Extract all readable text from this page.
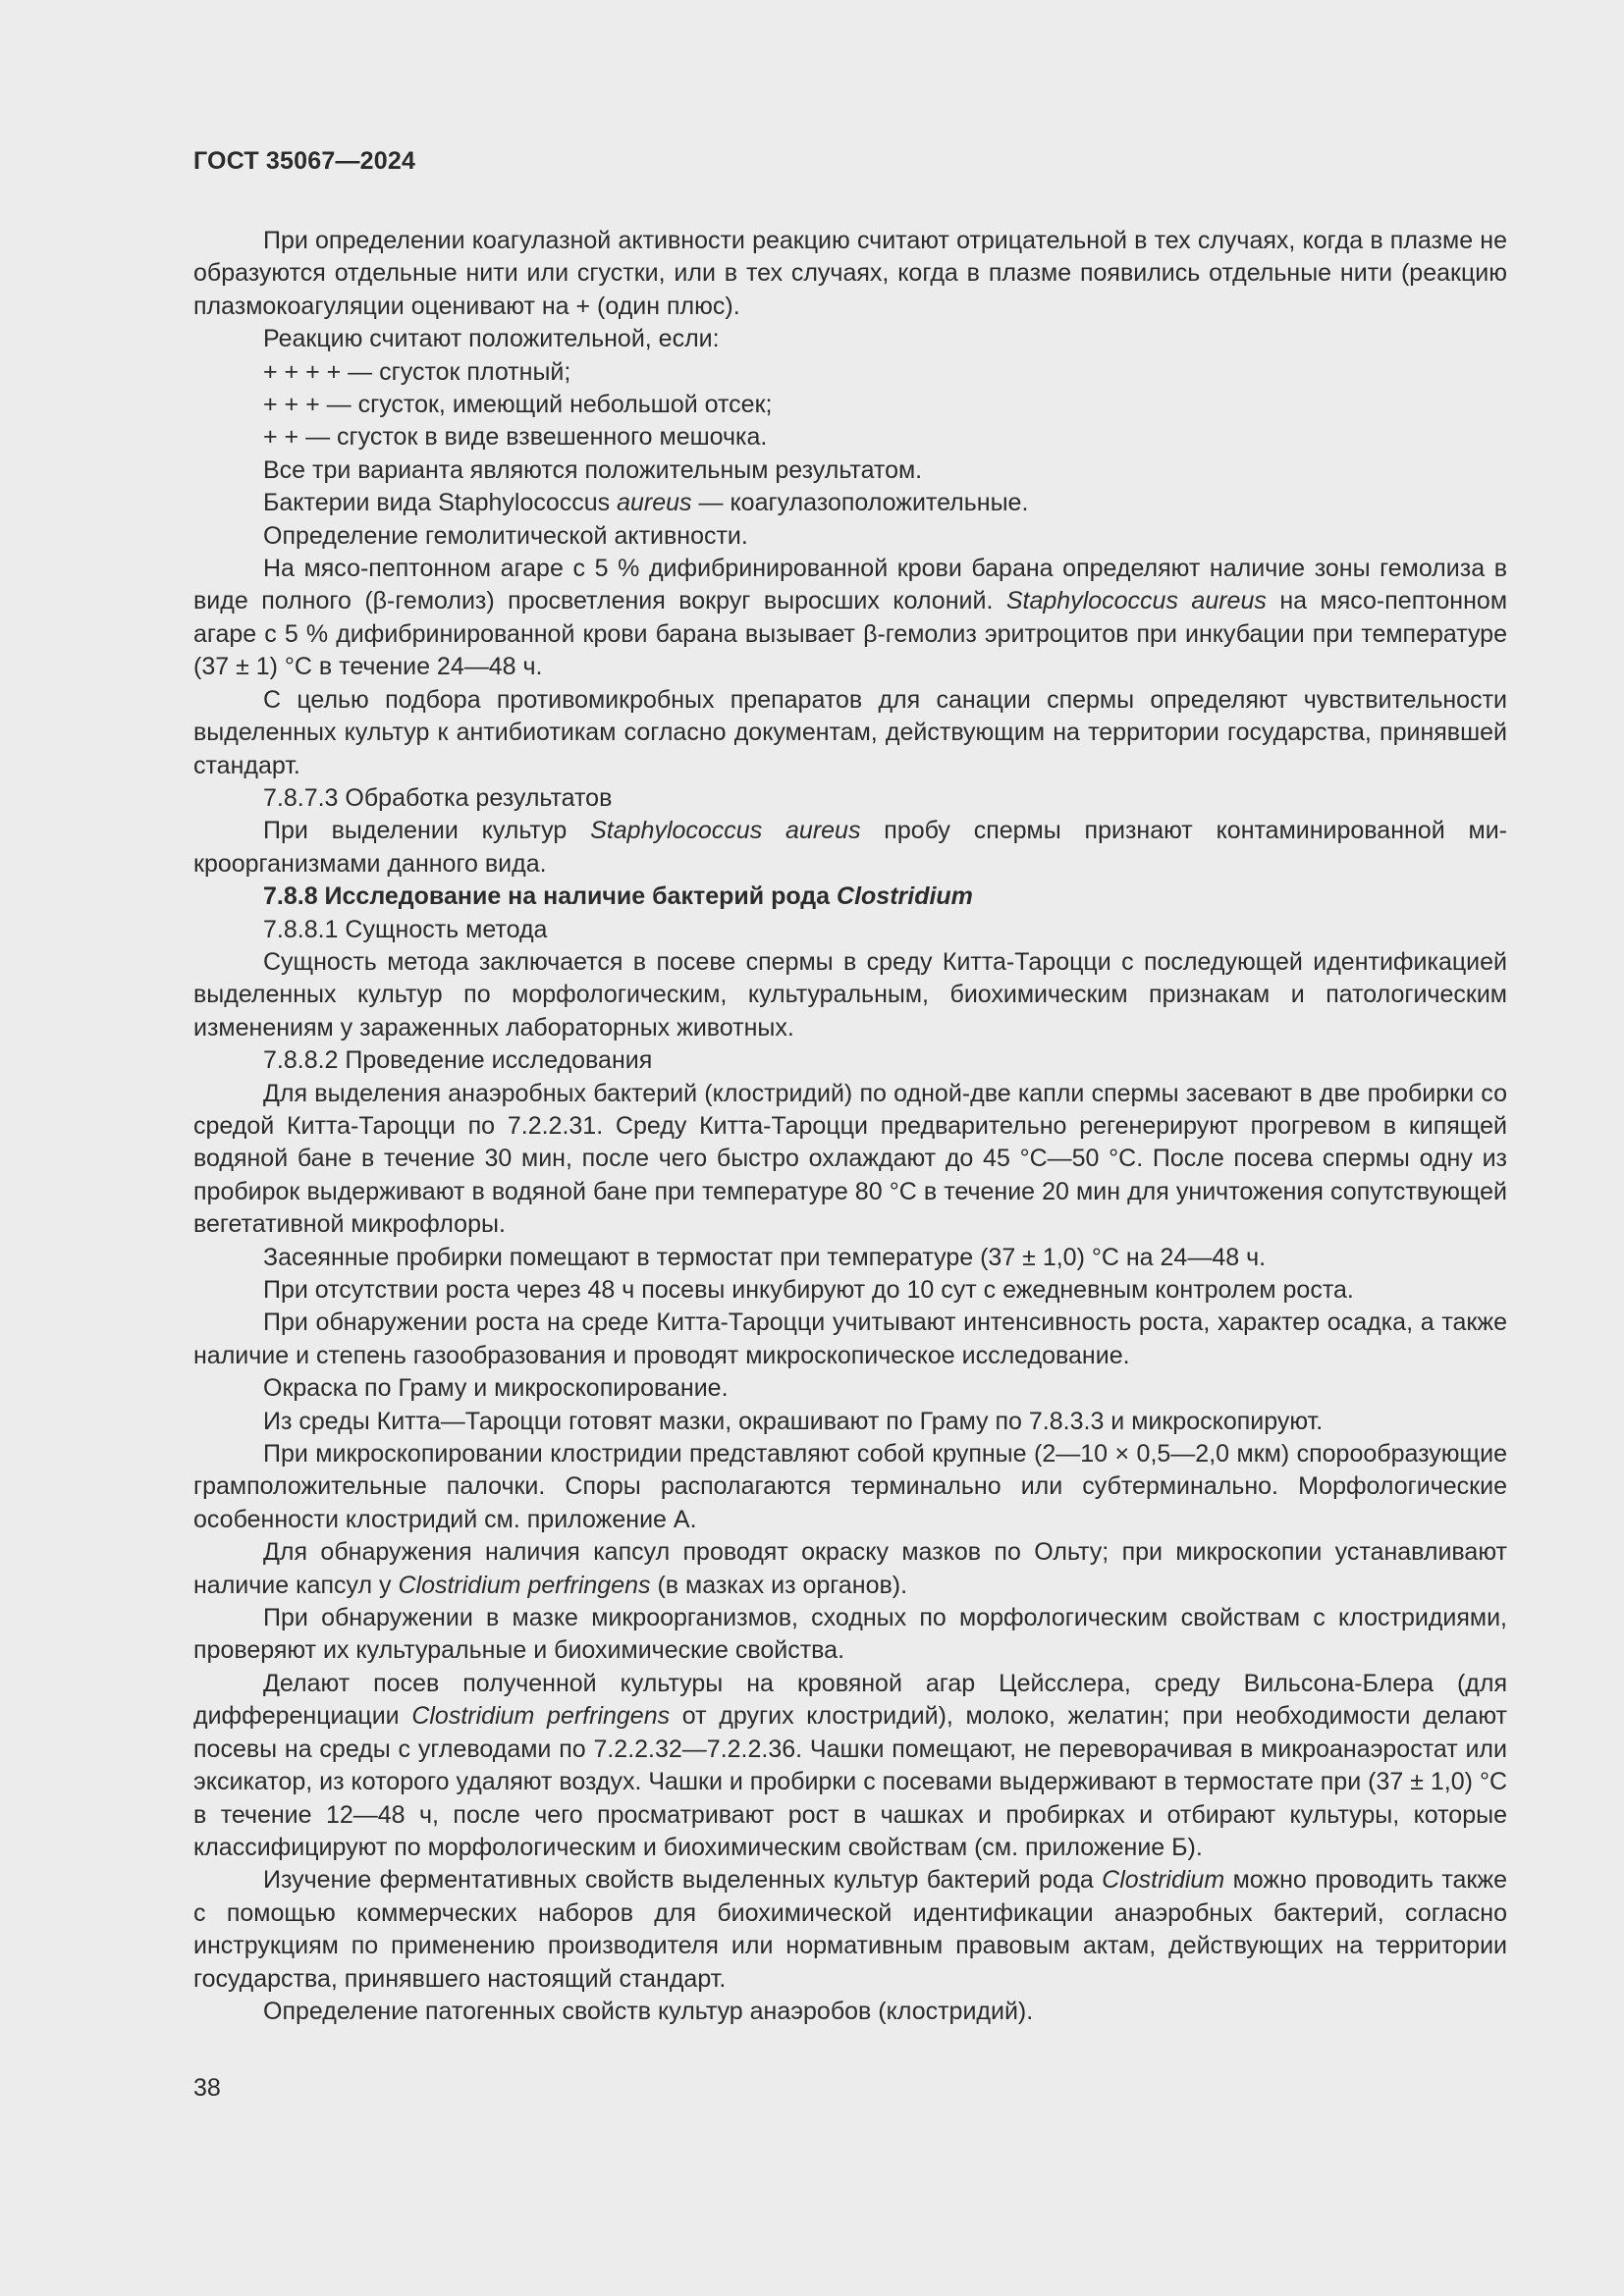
ГОСТ 35067—2024

При определении коагулазной активности реакцию считают отрицательной в тех случаях, когда в плазме не образуются отдельные нити или сгустки, или в тех случаях, когда в плазме появились отдельные нити (реакцию плазмокоагуляции оценивают на + (один плюс).

Реакцию считают положительной, если:

+ + + + — сгусток плотный;

+ + + — сгусток, имеющий небольшой отсек;

+ + — сгусток в виде взвешенного мешочка.

Все три варианта являются положительным результатом.

Бактерии вида Staphylococcus aureus — коагулазоположительные.

Определение гемолитической активности.

На мясо-пептонном агаре с 5 % дифибринированной крови барана определяют наличие зоны гемолиза в виде полного (β-гемолиз) просветления вокруг выросших колоний. Staphylococcus aureus на мясо-пептонном агаре с 5 % дифибринированной крови барана вызывает β-гемолиз эритроцитов при инкубации при температуре (37 ± 1) °С в течение 24—48 ч.

С целью подбора противомикробных препаратов для санации спермы определяют чувствительности выделенных культур к антибиотикам согласно документам, действующим на территории государства, принявшей стандарт.

7.8.7.3 Обработка результатов

При выделении культур Staphylococcus aureus пробу спермы признают контаминированной микроорганизмами данного вида.

7.8.8 Исследование на наличие бактерий рода Clostridium

7.8.8.1 Сущность метода

Сущность метода заключается в посеве спермы в среду Китта-Тароцци с последующей идентификацией выделенных культур по морфологическим, культуральным, биохимическим признакам и патологическим изменениям у зараженных лабораторных животных.

7.8.8.2 Проведение исследования

Для выделения анаэробных бактерий (клостридий) по одной-две капли спермы засевают в две пробирки со средой Китта-Тароцци по 7.2.2.31. Среду Китта-Тароцци предварительно регенерируют прогревом в кипящей водяной бане в течение 30 мин, после чего быстро охлаждают до 45 °С—50 °С. После посева спермы одну из пробирок выдерживают в водяной бане при температуре 80 °С в течение 20 мин для уничтожения сопутствующей вегетативной микрофлоры.

Засеянные пробирки помещают в термостат при температуре (37 ± 1,0) °С на 24—48 ч.

При отсутствии роста через 48 ч посевы инкубируют до 10 сут с ежедневным контролем роста.

При обнаружении роста на среде Китта-Тароцци учитывают интенсивность роста, характер осадка, а также наличие и степень газообразования и проводят микроскопическое исследование.

Окраска по Граму и микроскопирование.

Из среды Китта—Тароцци готовят мазки, окрашивают по Граму по 7.8.3.3 и микроскопируют.

При микроскопировании клостридии представляют собой крупные (2—10 × 0,5—2,0 мкм) спорообразующие грамположительные палочки. Споры располагаются терминально или субтерминально. Морфологические особенности клостридий см. приложение А.

Для обнаружения наличия капсул проводят окраску мазков по Ольту; при микроскопии устанавливают наличие капсул у Clostridium perfringens (в мазках из органов).

При обнаружении в мазке микроорганизмов, сходных по морфологическим свойствам с клостридиями, проверяют их культуральные и биохимические свойства.

Делают посев полученной культуры на кровяной агар Цейсслера, среду Вильсона-Блера (для дифференциации Clostridium perfringens от других клостридий), молоко, желатин; при необходимости делают посевы на среды с углеводами по 7.2.2.32—7.2.2.36. Чашки помещают, не переворачивая в микроанаэростат или эксикатор, из которого удаляют воздух. Чашки и пробирки с посевами выдерживают в термостате при (37 ± 1,0) °С в течение 12—48 ч, после чего просматривают рост в чашках и пробирках и отбирают культуры, которые классифицируют по морфологическим и биохимическим свойствам (см. приложение Б).

Изучение ферментативных свойств выделенных культур бактерий рода Clostridium можно проводить также с помощью коммерческих наборов для биохимической идентификации анаэробных бактерий, согласно инструкциям по применению производителя или нормативным правовым актам, действующих на территории государства, принявшего настоящий стандарт.

Определение патогенных свойств культур анаэробов (клостридий).

38
